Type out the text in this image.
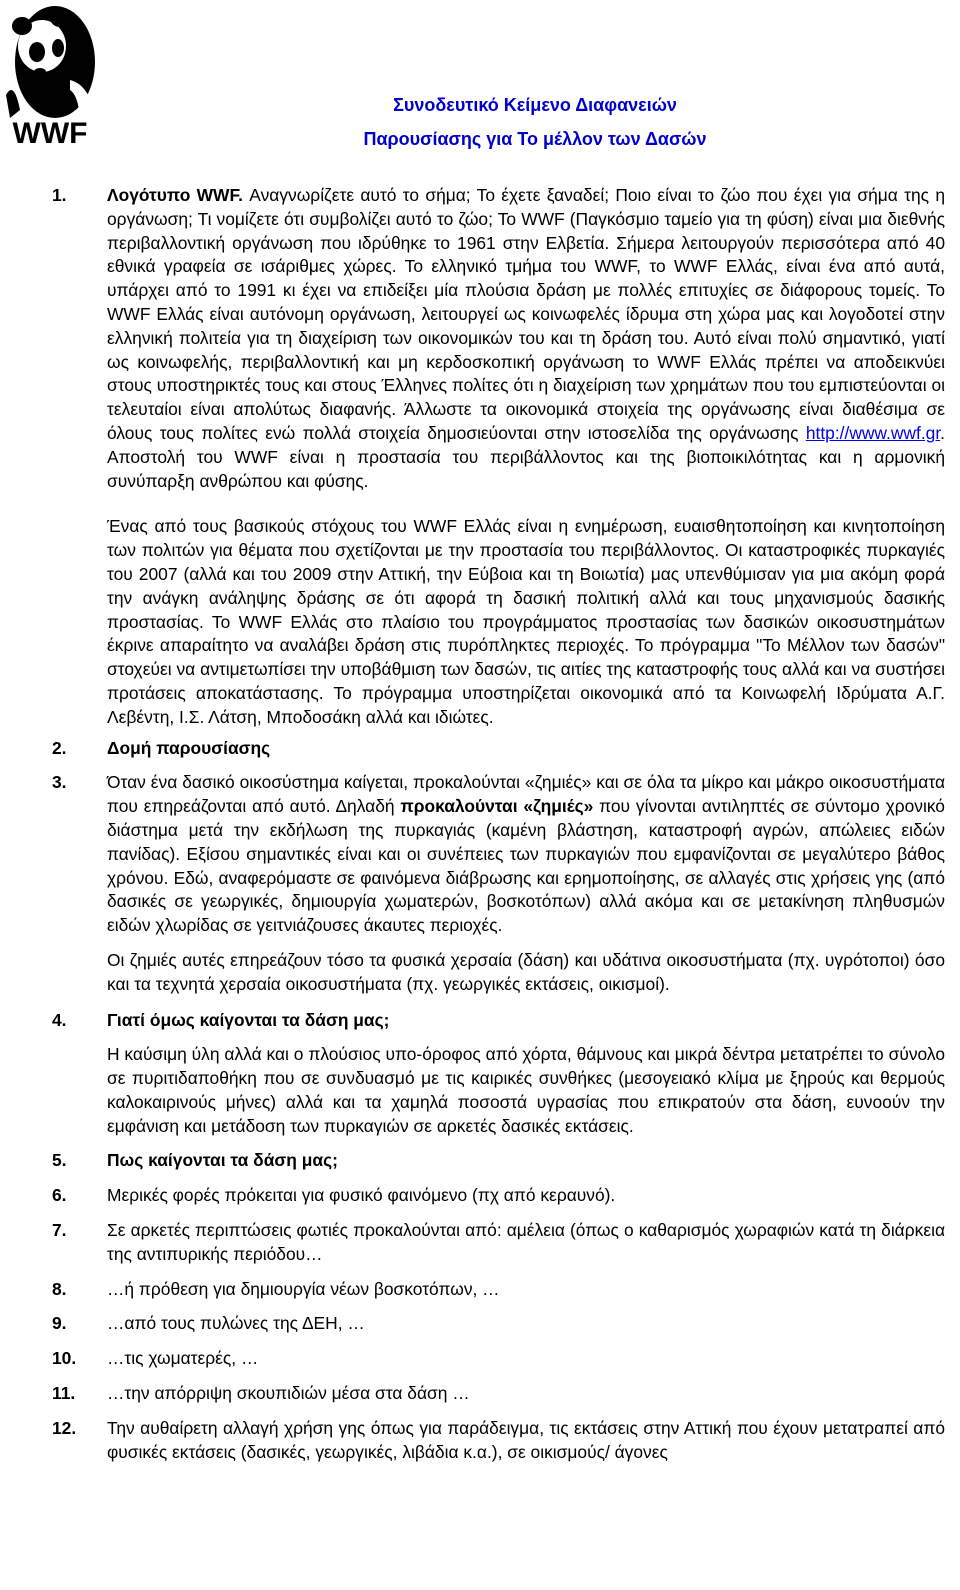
WWF
Συνοδευτικό Κείμενο Διαφανειών
Παρουσίασης για Το μέλλον των Δασών
1.	Λογότυπο WWF. Αναγνωρίζετε αυτό το σήμα; Το έχετε ξαναδεί; Ποιο είναι το ζώο που έχει για σήμα της η οργάνωση; Τι νομίζετε ότι συμβολίζει αυτό το ζώο; Το WWF (Παγκόσμιο ταμείο για τη φύση) είναι μια διεθνής περιβαλλοντική οργάνωση που ιδρύθηκε το 1961 στην Ελβετία. Σήμερα λειτουργούν περισσότερα από 40 εθνικά γραφεία σε ισάριθμες χώρες. Το ελληνικό τμήμα του WWF, το WWF Ελλάς, είναι ένα από αυτά, υπάρχει από το 1991 κι έχει να επιδείξει μία πλούσια δράση με πολλές επιτυχίες σε διάφορους τομείς. Το WWF Ελλάς είναι αυτόνομη οργάνωση, λειτουργεί ως κοινωφελές ίδρυμα στη χώρα μας και λογοδοτεί στην ελληνική πολιτεία για τη διαχείριση των οικονομικών του και τη δράση του. Αυτό είναι πολύ σημαντικό, γιατί ως κοινωφελής, περιβαλλοντική και μη κερδοσκοπική οργάνωση το WWF Ελλάς πρέπει να αποδεικνύει στους υποστηρικτές τους και στους Έλληνες πολίτες ότι η διαχείριση των χρημάτων που του εμπιστεύονται οι τελευταίοι είναι απολύτως διαφανής. Άλλωστε τα οικονομικά στοιχεία της οργάνωσης είναι διαθέσιμα σε όλους τους πολίτες ενώ πολλά στοιχεία δημοσιεύονται στην ιστοσελίδα της οργάνωσης http://www.wwf.gr. Αποστολή του WWF είναι η προστασία του περιβάλλοντος και της βιοποικιλότητας και η αρμονική συνύπαρξη ανθρώπου και φύσης.
Ένας από τους βασικούς στόχους του WWF Ελλάς είναι η ενημέρωση, ευαισθητοποίηση και κινητοποίηση των πολιτών για θέματα που σχετίζονται με την προστασία του περιβάλλοντος. Οι καταστροφικές πυρκαγιές του 2007 (αλλά και του 2009 στην Αττική, την Εύβοια και τη Βοιωτία) μας υπενθύμισαν για μια ακόμη φορά την ανάγκη ανάληψης δράσης σε ότι αφορά τη δασική πολιτική αλλά και τους μηχανισμούς δασικής προστασίας. Το WWF Ελλάς στο πλαίσιο του προγράμματος προστασίας των δασικών οικοσυστημάτων έκρινε απαραίτητο να αναλάβει δράση στις πυρόπληκτες περιοχές. Το πρόγραμμα "Το Μέλλον των δασών" στοχεύει να αντιμετωπίσει την υποβάθμιση των δασών, τις αιτίες της καταστροφής τους αλλά και να συστήσει προτάσεις αποκατάστασης. Το πρόγραμμα υποστηρίζεται οικονομικά από τα Κοινωφελή Ιδρύματα Α.Γ. Λεβέντη, Ι.Σ. Λάτση, Μποδοσάκη αλλά και ιδιώτες.
2.	Δομή παρουσίασης
3.	Όταν ένα δασικό οικοσύστημα καίγεται, προκαλούνται «ζημιές» και σε όλα τα μίκρο και μάκρο οικοσυστήματα που επηρεάζονται από αυτό. Δηλαδή προκαλούνται «ζημιές» που γίνονται αντιληπτές σε σύντομο χρονικό διάστημα μετά την εκδήλωση της πυρκαγιάς (καμένη βλάστηση, καταστροφή αγρών, απώλειες ειδών πανίδας). Εξίσου σημαντικές είναι και οι συνέπειες των πυρκαγιών που εμφανίζονται σε μεγαλύτερο βάθος χρόνου. Εδώ, αναφερόμαστε σε φαινόμενα διάβρωσης και ερημοποίησης, σε αλλαγές στις χρήσεις γης (από δασικές σε γεωργικές, δημιουργία χωματερών, βοσκοτόπων) αλλά ακόμα και σε μετακίνηση πληθυσμών ειδών χλωρίδας σε γειτνιάζουσες άκαυτες περιοχές.
Οι ζημιές αυτές επηρεάζουν τόσο τα φυσικά χερσαία (δάση) και υδάτινα οικοσυστήματα (πχ. υγρότοποι) όσο και τα τεχνητά χερσαία οικοσυστήματα (πχ. γεωργικές εκτάσεις, οικισμοί).
4.	Γιατί όμως καίγονται τα δάση μας;
Η καύσιμη ύλη αλλά και ο πλούσιος υπο-όροφος από χόρτα, θάμνους και μικρά δέντρα μετατρέπει το σύνολο σε πυριτιδαποθήκη που σε συνδυασμό με τις καιρικές συνθήκες (μεσογειακό κλίμα με ξηρούς και θερμούς καλοκαιρινούς μήνες) αλλά και τα χαμηλά ποσοστά υγρασίας που επικρατούν στα δάση, ευνοούν την εμφάνιση και μετάδοση των πυρκαγιών σε αρκετές δασικές εκτάσεις.
5.	Πως καίγονται τα δάση μας;
6.	Μερικές φορές πρόκειται για φυσικό φαινόμενο (πχ από κεραυνό).
7.	Σε αρκετές περιπτώσεις φωτιές προκαλούνται από: αμέλεια (όπως ο καθαρισμός χωραφιών κατά τη διάρκεια της αντιπυρικής περιόδου…
8.	…ή πρόθεση για δημιουργία νέων βοσκοτόπων, …
9.	…από τους πυλώνες της ΔΕΗ, …
10.	…τις χωματερές, …
11.	…την απόρριψη σκουπιδιών μέσα στα δάση …
12.	Την αυθαίρετη αλλαγή χρήση γης όπως για παράδειγμα, τις εκτάσεις στην Αττική που έχουν μετατραπεί από φυσικές εκτάσεις (δασικές, γεωργικές, λιβάδια κ.α.), σε οικισμούς/ άγονες
